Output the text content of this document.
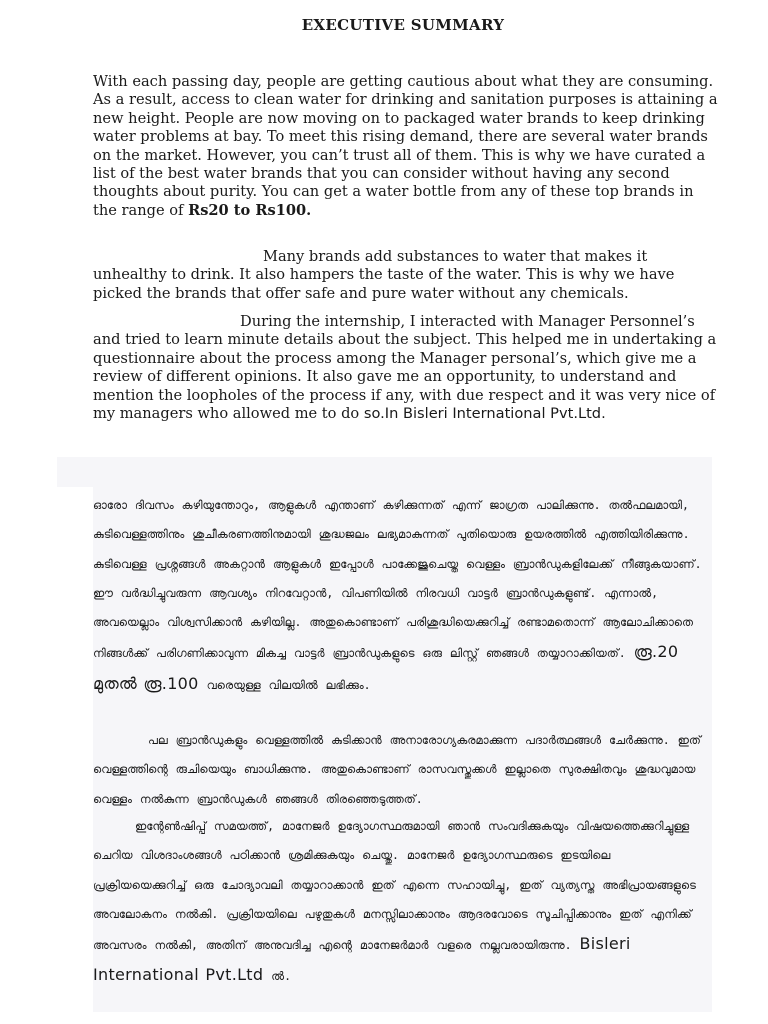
EXECUTIVE SUMMARY

With each passing day, people are getting cautious about what they are consuming. As a result, access to clean water for drinking and sanitation purposes is attaining a new height. People are now moving on to packaged water brands to keep drinking water problems at bay. To meet this rising demand, there are several water brands on the market. However, you can’t trust all of them. This is why we have curated a list of the best water brands that you can consider without having any second thoughts about purity. You can get a water bottle from any of these top brands in the range of Rs20 to Rs100.

Many brands add substances to water that makes it unhealthy to drink. It also hampers the taste of the water. This is why we have picked the brands that offer safe and pure water without any chemicals.

During the internship, I interacted with Manager Personnel’s and tried to learn minute details about the subject. This helped me in undertaking a questionnaire about the process among the Manager personal’s, which give me a review of different opinions. It also gave me an opportunity, to understand and mention the loopholes of the process if any, with due respect and it was very nice of my managers who allowed me to do so.In Bisleri International Pvt.Ltd.

ഓരോ ദിവസം കഴിയുന്തോറും, ആളുകൾ എന്താണ് കഴിക്കുന്നത് എന്ന് ജാഗ്രത പാലിക്കുന്നു. തൽഫലമായി, കുടിവെള്ളത്തിനും ശുചീകരണത്തിനുമായി ശുദ്ധജലം ലഭ്യമാകുന്നത് പുതിയൊരു ഉയരത്തിൽ എത്തിയിരിക്കുന്നു. കുടിവെള്ള പ്രശ്നങ്ങൾ അകറ്റാൻ ആളുകൾ ഇപ്പോൾ പാക്കേജുചെയ്ത വെള്ളം ബ്രാൻഡുകളിലേക്ക് നീങ്ങുകയാണ്. ഈ വർദ്ധിച്ചുവരുന്ന ആവശ്യം നിറവേറ്റാൻ, വിപണിയിൽ നിരവധി വാട്ടർ ബ്രാൻഡുകളുണ്ട്. എന്നാൽ, അവയെല്ലാം വിശ്വസിക്കാൻ കഴിയില്ല. അതുകൊണ്ടാണ് പരിശുദ്ധിയെക്കുറിച്ച് രണ്ടാമതൊന്ന് ആലോചിക്കാതെ നിങ്ങൾക്ക് പരിഗണിക്കാവുന്ന മികച്ച വാട്ടർ ബ്രാൻഡുകളുടെ ഒരു ലിസ്റ്റ് ഞങ്ങൾ തയ്യാറാക്കിയത്. രൂ.20 മുതൽ രൂ.100 വരെയുള്ള വിലയിൽ ലഭിക്കും.

പല ബ്രാൻഡുകളും വെള്ളത്തിൽ കുടിക്കാൻ അനാരോഗ്യകരമാക്കുന്ന പദാർത്ഥങ്ങൾ ചേർക്കുന്നു. ഇത് വെള്ളത്തിന്റെ രുചിയെയും ബാധിക്കുന്നു. അതുകൊണ്ടാണ് രാസവസ്തുക്കൾ ഇല്ലാതെ സുരക്ഷിതവും ശുദ്ധവുമായ വെള്ളം നൽകുന്ന ബ്രാൻഡുകൾ ഞങ്ങൾ തിരഞ്ഞെടുത്തത്.

ഇന്റേൺഷിപ്പ് സമയത്ത്, മാനേജർ ഉദ്യോഗസ്ഥരുമായി ഞാൻ സംവദിക്കുകയും വിഷയത്തെക്കുറിച്ചുള്ള ചെറിയ വിശദാംശങ്ങൾ പഠിക്കാൻ ശ്രമിക്കുകയും ചെയ്തു. മാനേജർ ഉദ്യോഗസ്ഥരുടെ ഇടയിലെ പ്രക്രിയയെക്കുറിച്ച് ഒരു ചോദ്യാവലി തയ്യാറാക്കാൻ ഇത് എന്നെ സഹായിച്ചു, ഇത് വ്യത്യസ്ത അഭിപ്രായങ്ങളുടെ അവലോകനം നൽകി. പ്രക്രിയയിലെ പഴുതുകൾ മനസ്സിലാക്കാനും ആദരവോടെ സൂചിപ്പിക്കാനും ഇത് എനിക്ക് അവസരം നൽകി, അതിന് അനുവദിച്ച എന്റെ മാനേജർമാർ വളരെ നല്ലവരായിരുന്നു. Bisleri International Pvt.Ltd ൽ.
